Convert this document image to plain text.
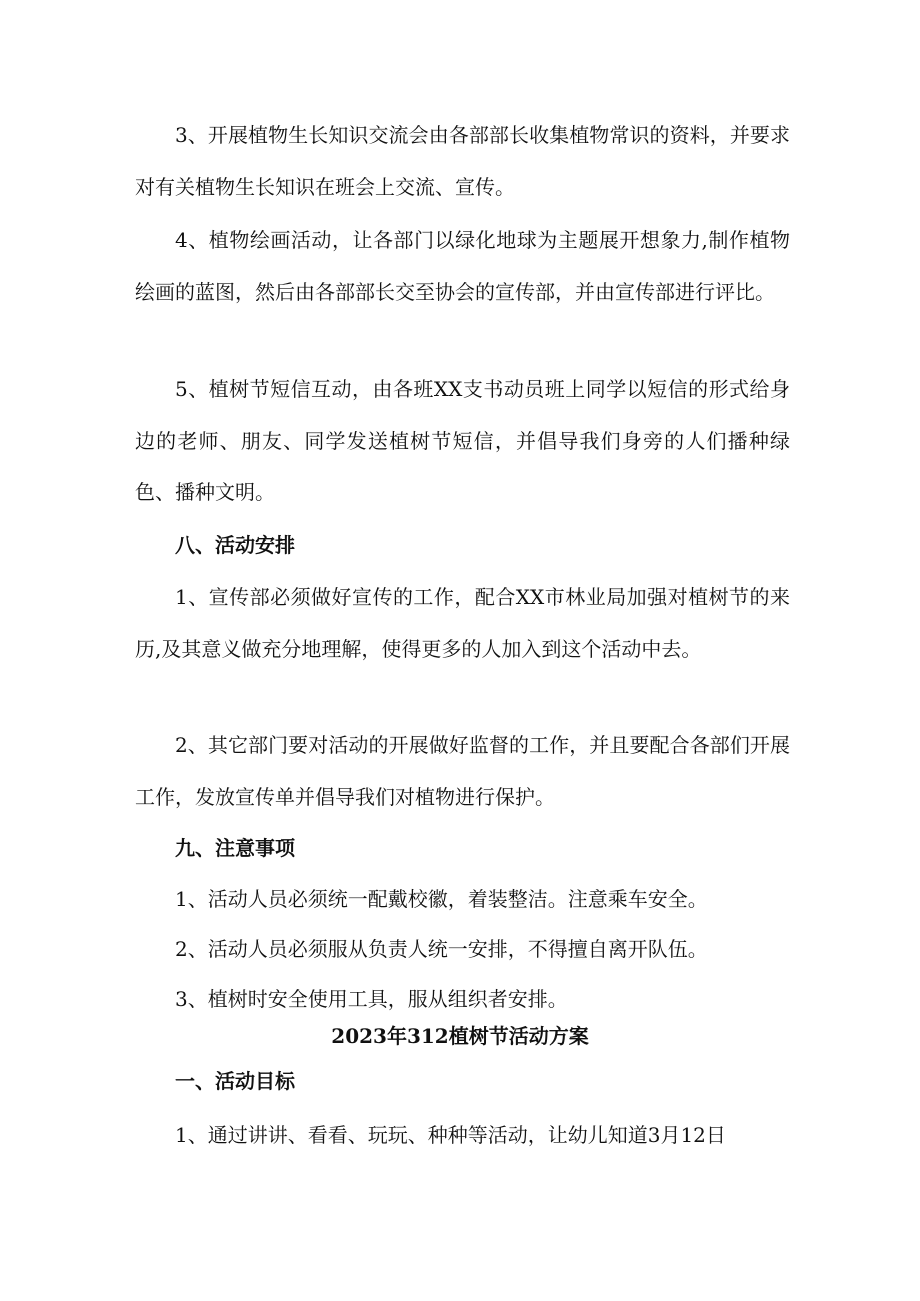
3、开展植物生长知识交流会由各部部长收集植物常识的资料，并要求对有关植物生长知识在班会上交流、宣传。

4、植物绘画活动，让各部门以绿化地球为主题展开想象力,制作植物绘画的蓝图，然后由各部部长交至协会的宣传部，并由宣传部进行评比。

5、植树节短信互动，由各班XX支书动员班上同学以短信的形式给身边的老师、朋友、同学发送植树节短信，并倡导我们身旁的人们播种绿色、播种文明。

八、活动安排

1、宣传部必须做好宣传的工作，配合XX市林业局加强对植树节的来历,及其意义做充分地理解，使得更多的人加入到这个活动中去。

2、其它部门要对活动的开展做好监督的工作，并且要配合各部们开展工作，发放宣传单并倡导我们对植物进行保护。

九、注意事项

1、活动人员必须统一配戴校徽，着装整洁。注意乘车安全。

2、活动人员必须服从负责人统一安排，不得擅自离开队伍。

3、植树时安全使用工具，服从组织者安排。

2023年312植树节活动方案
一、活动目标

1、通过讲讲、看看、玩玩、种种等活动，让幼儿知道3月12日
